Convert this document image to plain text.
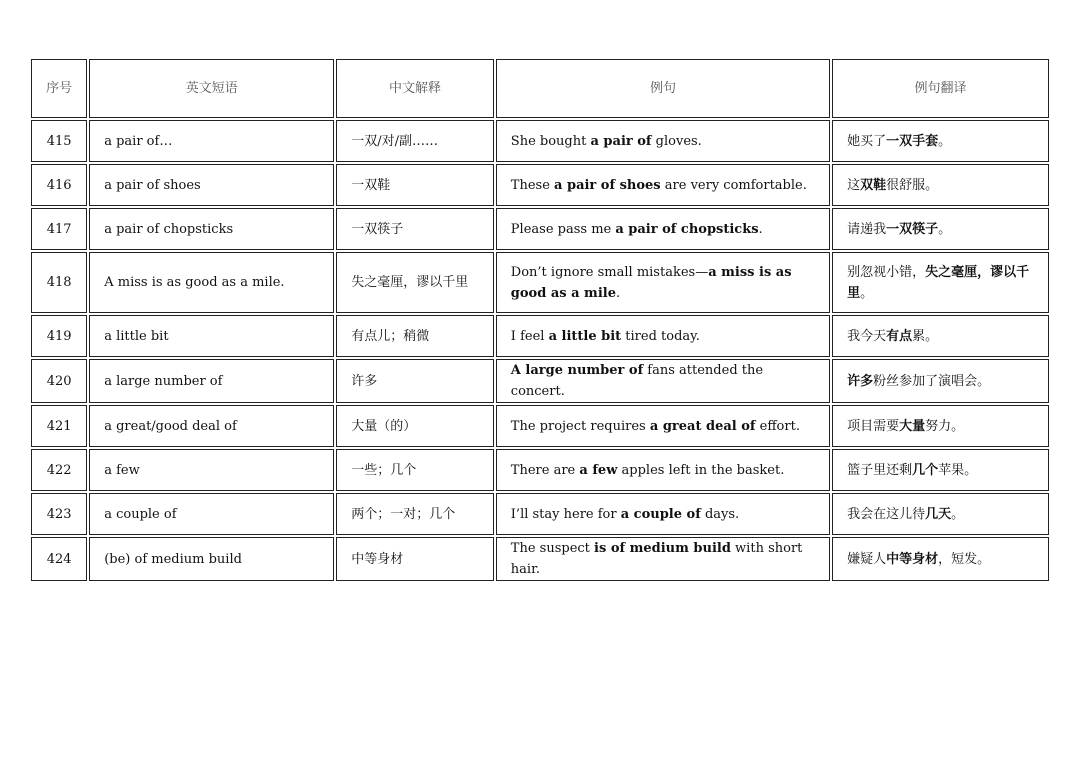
序号	英文短语	中文解释	例句	例句翻译
415	a pair of…	一双/对/副……	She bought a pair of gloves.	她买了一双手套。
416	a pair of shoes	一双鞋	These a pair of shoes are very comfortable.	这双鞋很舒服。
417	a pair of chopsticks	一双筷子	Please pass me a pair of chopsticks.	请递我一双筷子。
418	A miss is as good as a mile.	失之毫厘，谬以千里	Don’t ignore small mistakes—a miss is as good as a mile.	别忽视小错，失之毫厘，谬以千里。
419	a little bit	有点儿；稍微	I feel a little bit tired today.	我今天有点累。
420	a large number of	许多	A large number of fans attended the concert.	许多粉丝参加了演唱会。
421	a great/good deal of	大量（的）	The project requires a great deal of effort.	项目需要大量努力。
422	a few	一些；几个	There are a few apples left in the basket.	篮子里还剩几个苹果。
423	a couple of	两个；一对；几个	I’ll stay here for a couple of days.	我会在这儿待几天。
424	(be) of medium build	中等身材	The suspect is of medium build with short hair.	嫌疑人中等身材，短发。
